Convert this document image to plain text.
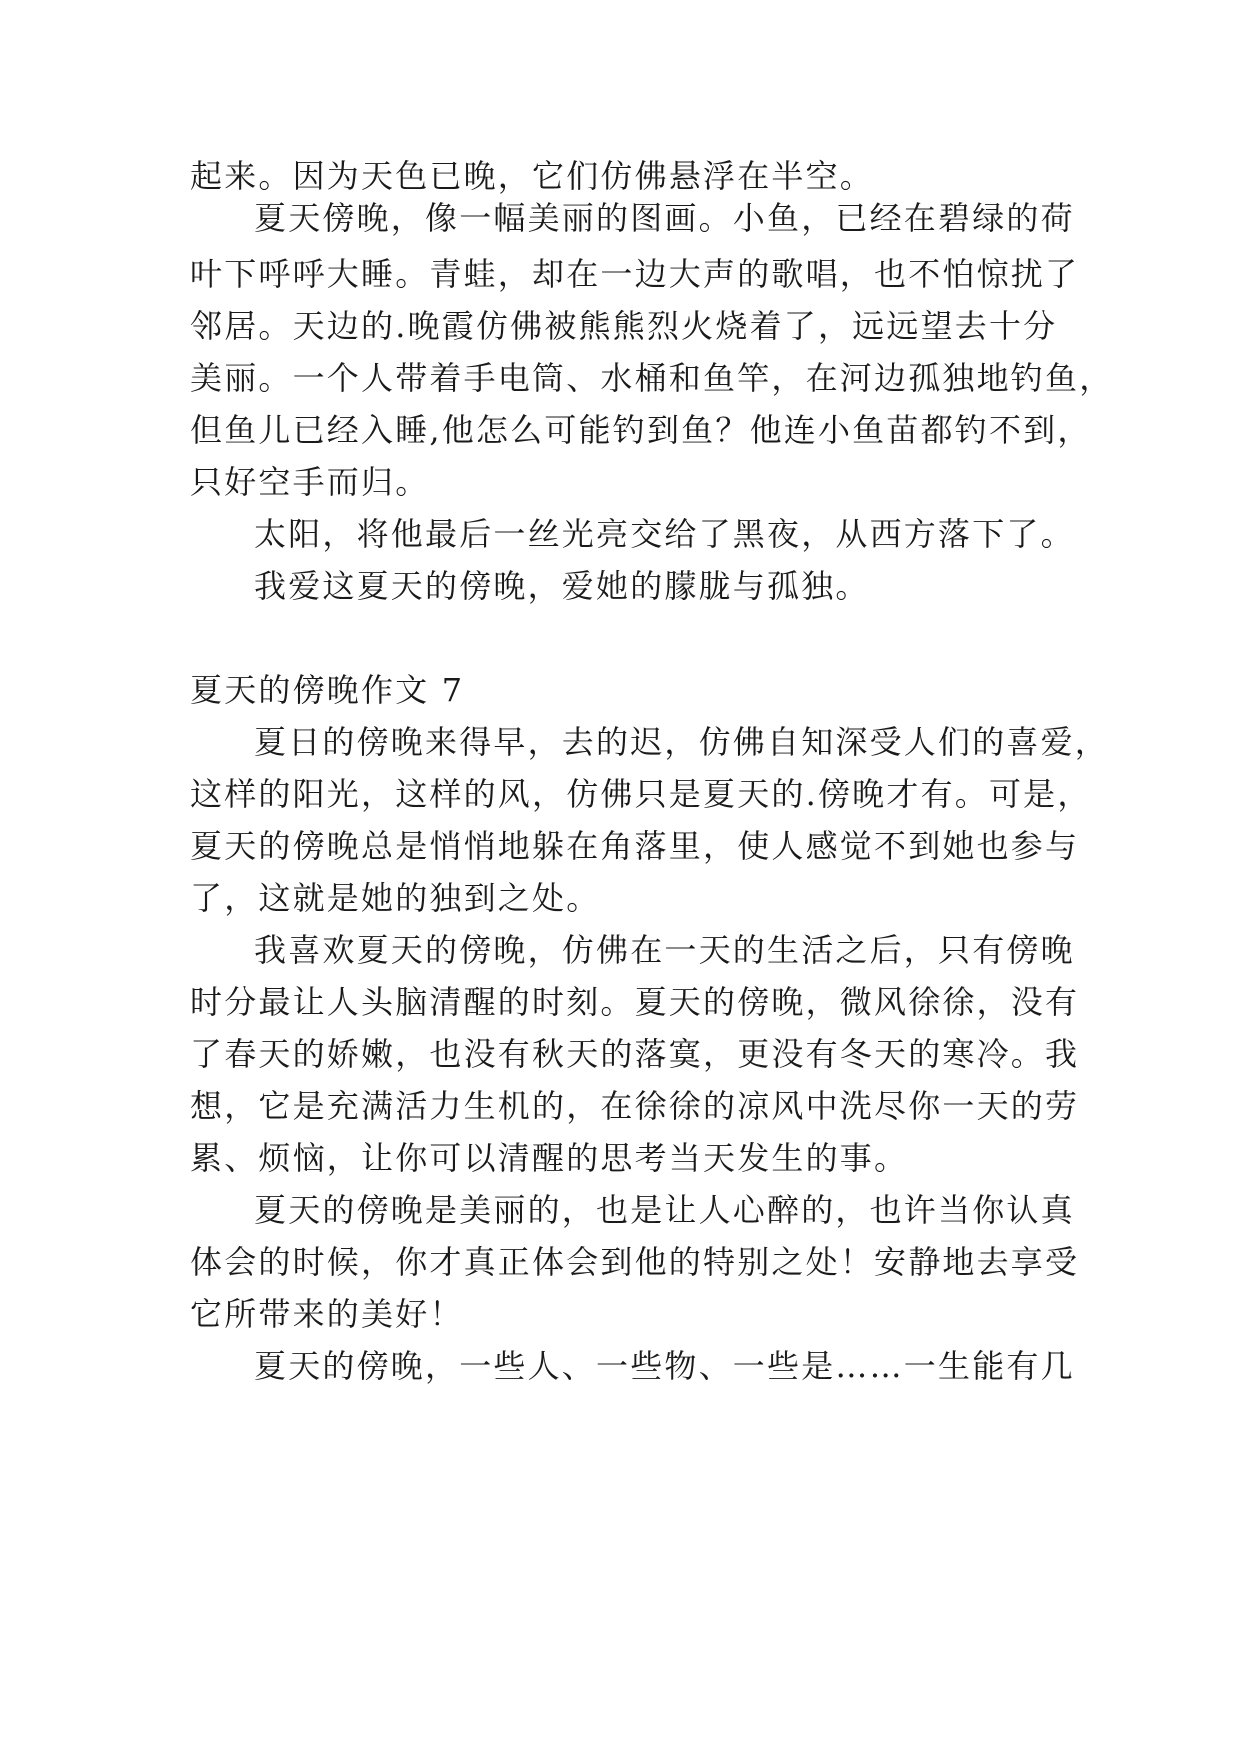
起来。因为天色已晚，它们仿佛悬浮在半空。
夏天傍晚，像一幅美丽的图画。小鱼，已经在碧绿的荷
叶下呼呼大睡。青蛙，却在一边大声的歌唱，也不怕惊扰了
邻居。天边的.晚霞仿佛被熊熊烈火烧着了，远远望去十分
美丽。一个人带着手电筒、水桶和鱼竿，在河边孤独地钓鱼，
但鱼儿已经入睡,他怎么可能钓到鱼？他连小鱼苗都钓不到，
只好空手而归。
太阳，将他最后一丝光亮交给了黑夜，从西方落下了。
我爱这夏天的傍晚，爱她的朦胧与孤独。
夏天的傍晚作文 7
夏日的傍晚来得早，去的迟，仿佛自知深受人们的喜爱，
这样的阳光，这样的风，仿佛只是夏天的.傍晚才有。可是，
夏天的傍晚总是悄悄地躲在角落里，使人感觉不到她也参与
了，这就是她的独到之处。
我喜欢夏天的傍晚，仿佛在一天的生活之后，只有傍晚
时分最让人头脑清醒的时刻。夏天的傍晚，微风徐徐，没有
了春天的娇嫩，也没有秋天的落寞，更没有冬天的寒冷。我
想，它是充满活力生机的，在徐徐的凉风中洗尽你一天的劳
累、烦恼，让你可以清醒的思考当天发生的事。
夏天的傍晚是美丽的，也是让人心醉的，也许当你认真
体会的时候，你才真正体会到他的特别之处！安静地去享受
它所带来的美好！
夏天的傍晚，一些人、一些物、一些是……一生能有几
